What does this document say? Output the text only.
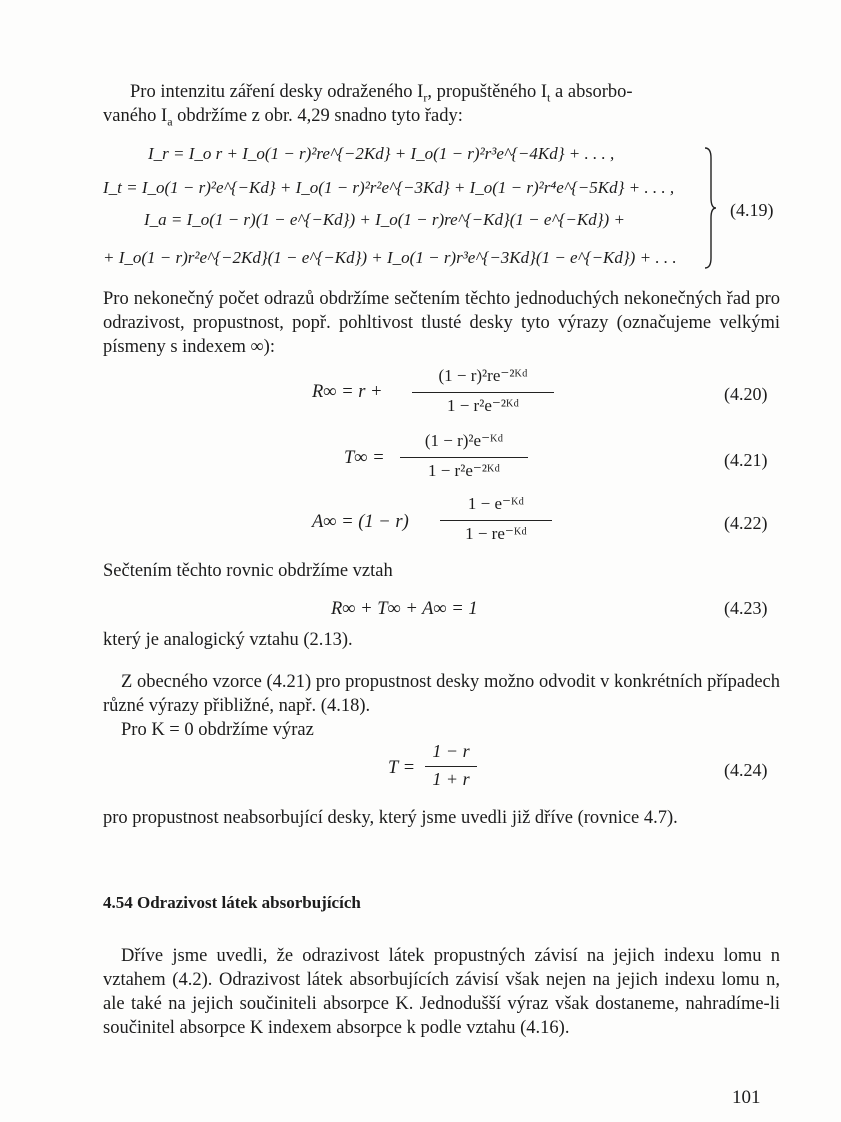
Pro intenzitu záření desky odraženého $I_r$, propuštěného $I_t$ a absorbo-
vaného $I_a$ obdržíme z obr. 4,29 snadno tyto řady:
I_r = I_o r + I_o(1 − r)²re^{−2Kd} + I_o(1 − r)²r³e^{−4Kd} + . . . ,
I_t = I_o(1 − r)²e^{−Kd} + I_o(1 − r)²r²e^{−3Kd} + I_o(1 − r)²r⁴e^{−5Kd} + . . . ,
I_a = I_o(1 − r)(1 − e^{−Kd}) + I_o(1 − r)re^{−Kd}(1 − e^{−Kd}) +
+ I_o(1 − r)r²e^{−2Kd}(1 − e^{−Kd}) + I_o(1 − r)r³e^{−3Kd}(1 − e^{−Kd}) + . . .
(4.19)
Pro nekonečný počet odrazů obdržíme sečtením těchto jednoduchých nekonečných řad pro odrazivost, propustnost, popř. pohltivost tlusté desky tyto výrazy (označujeme velkými písmeny s indexem ∞):
R∞ = r +
(1 − r)²re⁻²ᴷᵈ
1 − r²e⁻²ᴷᵈ
(4.20)
T∞ =
(1 − r)²e⁻ᴷᵈ
1 − r²e⁻²ᴷᵈ
(4.21)
A∞ = (1 − r)
1 − e⁻ᴷᵈ
1 − re⁻ᴷᵈ
(4.22)
Sečtením těchto rovnic obdržíme vztah
R∞ + T∞ + A∞ = 1	(4.23)
který je analogický vztahu (2.13).
Z obecného vzorce (4.21) pro propustnost desky možno odvodit v konkrétních případech různé výrazy přibližné, např. (4.18).
Pro K = 0 obdržíme výraz
T =
1 − r
1 + r	(4.24)
pro propustnost neabsorbující desky, který jsme uvedli již dříve (rovnice 4.7).
4.54 Odrazivost látek absorbujících
Dříve jsme uvedli, že odrazivost látek propustných závisí na jejich indexu lomu n vztahem (4.2). Odrazivost látek absorbujících závisí však nejen na jejich indexu lomu n, ale také na jejich součiniteli absorpce K. Jednodušší výraz však dostaneme, nahradíme-li součinitel absorpce K indexem absorpce k podle vztahu (4.16).
101
